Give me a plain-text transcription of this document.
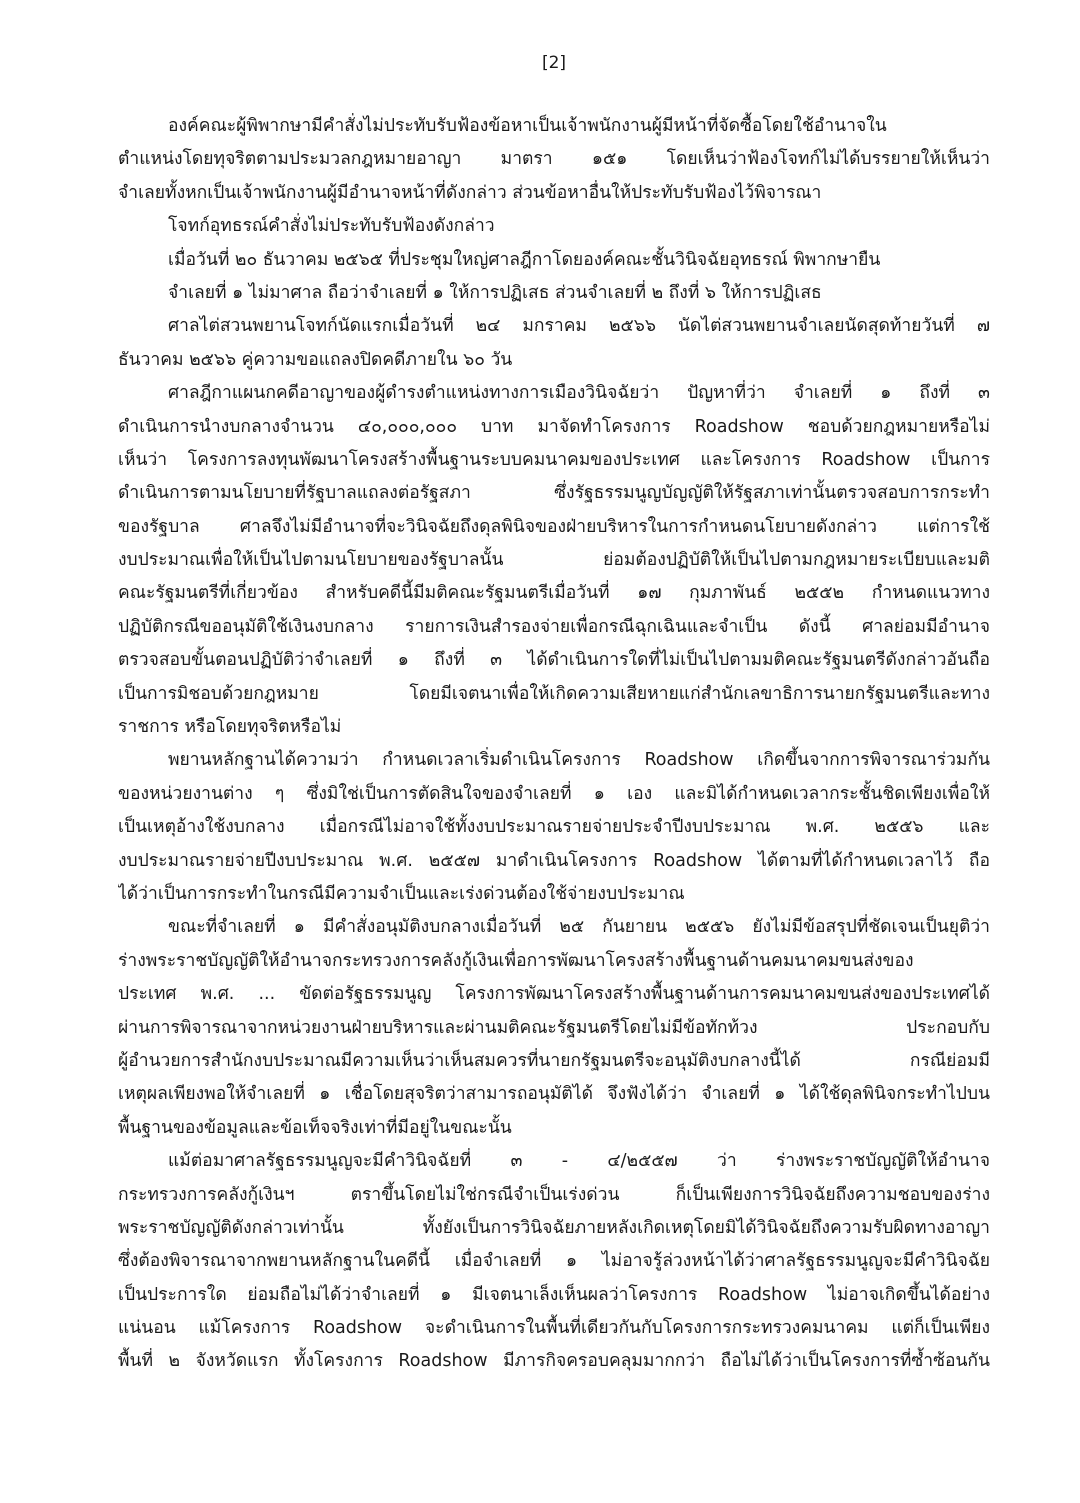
[2]
องค์คณะผู้พิพากษามีคำสั่งไม่ประทับรับฟ้องข้อหาเป็นเจ้าพนักงานผู้มีหน้าที่จัดซื้อโดยใช้อำนาจใน
ตำแหน่งโดยทุจริตตามประมวลกฎหมายอาญา มาตรา ๑๕๑ โดยเห็นว่าฟ้องโจทก์ไม่ได้บรรยายให้เห็นว่า
จำเลยทั้งหกเป็นเจ้าพนักงานผู้มีอำนาจหน้าที่ดังกล่าว ส่วนข้อหาอื่นให้ประทับรับฟ้องไว้พิจารณา
โจทก์อุทธรณ์คำสั่งไม่ประทับรับฟ้องดังกล่าว
เมื่อวันที่ ๒๐ ธันวาคม ๒๕๖๕ ที่ประชุมใหญ่ศาลฎีกาโดยองค์คณะชั้นวินิจฉัยอุทธรณ์ พิพากษายืน
จำเลยที่ ๑ ไม่มาศาล ถือว่าจำเลยที่ ๑ ให้การปฏิเสธ ส่วนจำเลยที่ ๒ ถึงที่ ๖ ให้การปฏิเสธ
ศาลไต่สวนพยานโจทก์นัดแรกเมื่อวันที่ ๒๔ มกราคม ๒๕๖๖ นัดไต่สวนพยานจำเลยนัดสุดท้ายวันที่ ๗
ธันวาคม ๒๕๖๖ คู่ความขอแถลงปิดคดีภายใน ๖๐ วัน
ศาลฎีกาแผนกคดีอาญาของผู้ดำรงตำแหน่งทางการเมืองวินิจฉัยว่า ปัญหาที่ว่า จำเลยที่ ๑ ถึงที่ ๓
ดำเนินการนำงบกลางจำนวน ๔๐,๐๐๐,๐๐๐ บาท มาจัดทำโครงการ Roadshow ชอบด้วยกฎหมายหรือไม่
เห็นว่า โครงการลงทุนพัฒนาโครงสร้างพื้นฐานระบบคมนาคมของประเทศ และโครงการ Roadshow เป็นการ
ดำเนินการตามนโยบายที่รัฐบาลแถลงต่อรัฐสภา ซึ่งรัฐธรรมนูญบัญญัติให้รัฐสภาเท่านั้นตรวจสอบการกระทำ
ของรัฐบาล ศาลจึงไม่มีอำนาจที่จะวินิจฉัยถึงดุลพินิจของฝ่ายบริหารในการกำหนดนโยบายดังกล่าว แต่การใช้
งบประมาณเพื่อให้เป็นไปตามนโยบายของรัฐบาลนั้น ย่อมต้องปฏิบัติให้เป็นไปตามกฎหมายระเบียบและมติ
คณะรัฐมนตรีที่เกี่ยวข้อง สำหรับคดีนี้มีมติคณะรัฐมนตรีเมื่อวันที่ ๑๗ กุมภาพันธ์ ๒๕๕๒ กำหนดแนวทาง
ปฏิบัติกรณีขออนุมัติใช้เงินงบกลาง รายการเงินสำรองจ่ายเพื่อกรณีฉุกเฉินและจำเป็น ดังนี้ ศาลย่อมมีอำนาจ
ตรวจสอบขั้นตอนปฏิบัติว่าจำเลยที่ ๑ ถึงที่ ๓ ได้ดำเนินการใดที่ไม่เป็นไปตามมติคณะรัฐมนตรีดังกล่าวอันถือ
เป็นการมิชอบด้วยกฎหมาย โดยมีเจตนาเพื่อให้เกิดความเสียหายแก่สำนักเลขาธิการนายกรัฐมนตรีและทาง
ราชการ หรือโดยทุจริตหรือไม่
พยานหลักฐานได้ความว่า กำหนดเวลาเริ่มดำเนินโครงการ Roadshow เกิดขึ้นจากการพิจารณาร่วมกัน
ของหน่วยงานต่าง ๆ ซึ่งมิใช่เป็นการตัดสินใจของจำเลยที่ ๑ เอง และมิได้กำหนดเวลากระชั้นชิดเพียงเพื่อให้
เป็นเหตุอ้างใช้งบกลาง เมื่อกรณีไม่อาจใช้ทั้งงบประมาณรายจ่ายประจำปีงบประมาณ พ.ศ. ๒๕๕๖ และ
งบประมาณรายจ่ายปีงบประมาณ พ.ศ. ๒๕๕๗ มาดำเนินโครงการ Roadshow ได้ตามที่ได้กำหนดเวลาไว้ ถือ
ได้ว่าเป็นการกระทำในกรณีมีความจำเป็นและเร่งด่วนต้องใช้จ่ายงบประมาณ
ขณะที่จำเลยที่ ๑ มีคำสั่งอนุมัติงบกลางเมื่อวันที่ ๒๕ กันยายน ๒๕๕๖ ยังไม่มีข้อสรุปที่ชัดเจนเป็นยุติว่า
ร่างพระราชบัญญัติให้อำนาจกระทรวงการคลังกู้เงินเพื่อการพัฒนาโครงสร้างพื้นฐานด้านคมนาคมขนส่งของ
ประเทศ พ.ศ. ... ขัดต่อรัฐธรรมนูญ โครงการพัฒนาโครงสร้างพื้นฐานด้านการคมนาคมขนส่งของประเทศได้
ผ่านการพิจารณาจากหน่วยงานฝ่ายบริหารและผ่านมติคณะรัฐมนตรีโดยไม่มีข้อทักท้วง ประกอบกับ
ผู้อำนวยการสำนักงบประมาณมีความเห็นว่าเห็นสมควรที่นายกรัฐมนตรีจะอนุมัติงบกลางนี้ได้ กรณีย่อมมี
เหตุผลเพียงพอให้จำเลยที่ ๑ เชื่อโดยสุจริตว่าสามารถอนุมัติได้ จึงฟังได้ว่า จำเลยที่ ๑ ได้ใช้ดุลพินิจกระทำไปบน
พื้นฐานของข้อมูลและข้อเท็จจริงเท่าที่มีอยู่ในขณะนั้น
แม้ต่อมาศาลรัฐธรรมนูญจะมีคำวินิจฉัยที่ ๓ - ๔/๒๕๕๗ ว่า ร่างพระราชบัญญัติให้อำนาจ
กระทรวงการคลังกู้เงินฯ ตราขึ้นโดยไม่ใช่กรณีจำเป็นเร่งด่วน ก็เป็นเพียงการวินิจฉัยถึงความชอบของร่าง
พระราชบัญญัติดังกล่าวเท่านั้น ทั้งยังเป็นการวินิจฉัยภายหลังเกิดเหตุโดยมิได้วินิจฉัยถึงความรับผิดทางอาญา
ซึ่งต้องพิจารณาจากพยานหลักฐานในคดีนี้ เมื่อจำเลยที่ ๑ ไม่อาจรู้ล่วงหน้าได้ว่าศาลรัฐธรรมนูญจะมีคำวินิจฉัย
เป็นประการใด ย่อมถือไม่ได้ว่าจำเลยที่ ๑ มีเจตนาเล็งเห็นผลว่าโครงการ Roadshow ไม่อาจเกิดขึ้นได้อย่าง
แน่นอน แม้โครงการ Roadshow จะดำเนินการในพื้นที่เดียวกันกับโครงการกระทรวงคมนาคม แต่ก็เป็นเพียง
พื้นที่ ๒ จังหวัดแรก ทั้งโครงการ Roadshow มีภารกิจครอบคลุมมากกว่า ถือไม่ได้ว่าเป็นโครงการที่ซ้ำซ้อนกัน
